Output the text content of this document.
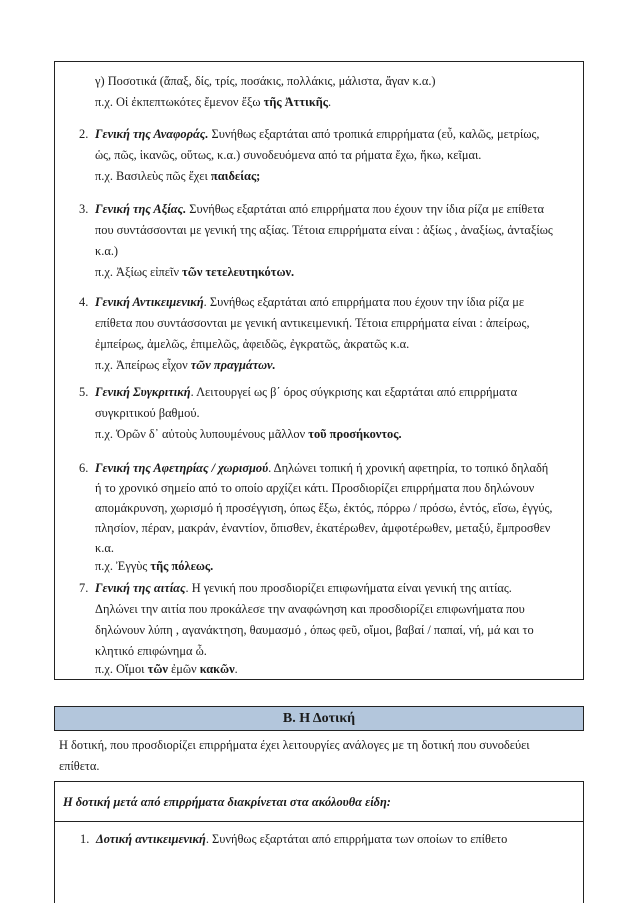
γ) Ποσοτικά (ἅπαξ, δίς, τρίς, ποσάκις, πολλάκις, μάλιστα, ἄγαν κ.α.)
π.χ. Οἱ ἐκπεπτωκότες ἔμενον ἔξω τῆς Ἀττικῆς.
2. Γενική της Αναφοράς. Συνήθως εξαρτάται από τροπικά επιρρήματα (εὖ, καλῶς, μετρίως,
ὡς, πῶς, ἱκανῶς, οὕτως, κ.α.) συνοδευόμενα από τα ρήματα ἔχω, ἥκω, κεῖμαι.
π.χ. Βασιλεὺς πῶς ἔχει παιδείας;
3. Γενική της Αξίας. Συνήθως εξαρτάται από επιρρήματα που έχουν την ίδια ρίζα με επίθετα
που συντάσσονται με γενική της αξίας. Τέτοια επιρρήματα είναι : ἀξίως , ἀναξίως, ἀνταξίως
κ.α.)
π.χ. Ἀξίως εἰπεῖν τῶν τετελευτηκότων.
4. Γενική Αντικειμενική. Συνήθως εξαρτάται από επιρρήματα που έχουν την ίδια ρίζα με
επίθετα που συντάσσονται με γενική αντικειμενική. Τέτοια επιρρήματα είναι : ἀπείρως,
ἐμπείρως, ἀμελῶς, ἐπιμελῶς, ἀφειδῶς, ἐγκρατῶς, ἀκρατῶς κ.α.
π.χ. Ἀπείρως εἶχον τῶν πραγμάτων.
5. Γενική Συγκριτική. Λειτουργεί ως β΄ όρος σύγκρισης και εξαρτάται από επιρρήματα
συγκριτικού βαθμού.
π.χ. Ὁρῶν δ᾽ αὐτοὺς λυπουμένους μᾶλλον τοῦ προσήκοντος.
6. Γενική της Αφετηρίας / χωρισμού. Δηλώνει τοπική ή χρονική αφετηρία, το τοπικό δηλαδή
ή το χρονικό σημείο από το οποίο αρχίζει κάτι. Προσδιορίζει επιρρήματα που δηλώνουν
απομάκρυνση, χωρισμό ή προσέγγιση, όπως ἔξω, ἐκτός, πόρρω / πρόσω, ἐντός, εἴσω, ἐγγύς,
πλησίον, πέραν, μακράν, ἐναντίον, ὄπισθεν, ἑκατέρωθεν, ἀμφοτέρωθεν, μεταξύ, ἔμπροσθεν
κ.α.
π.χ. Ἐγγὺς τῆς πόλεως.
7. Γενική της αιτίας. Η γενική που προσδιορίζει επιφωνήματα είναι γενική της αιτίας.
Δηλώνει την αιτία που προκάλεσε την αναφώνηση και προσδιορίζει επιφωνήματα που
δηλώνουν λύπη , αγανάκτηση, θαυμασμό , όπως φεῦ, οἴμοι, βαβαί / παπαί, νή, μά και το
Β. Η Δοτική
Η δοτική, που προσδιορίζει επιρρήματα έχει λειτουργίες ανάλογες με τη δοτική που συνοδεύει
επίθετα.
Η δοτική μετά από επιρρήματα διακρίνεται στα ακόλουθα είδη:
1. Δοτική αντικειμενική. Συνήθως εξαρτάται από επιρρήματα των οποίων το επίθετο
κλητικό επιφώνημα ὦ.
π.χ. Οἴμοι τῶν ἐμῶν κακῶν.
